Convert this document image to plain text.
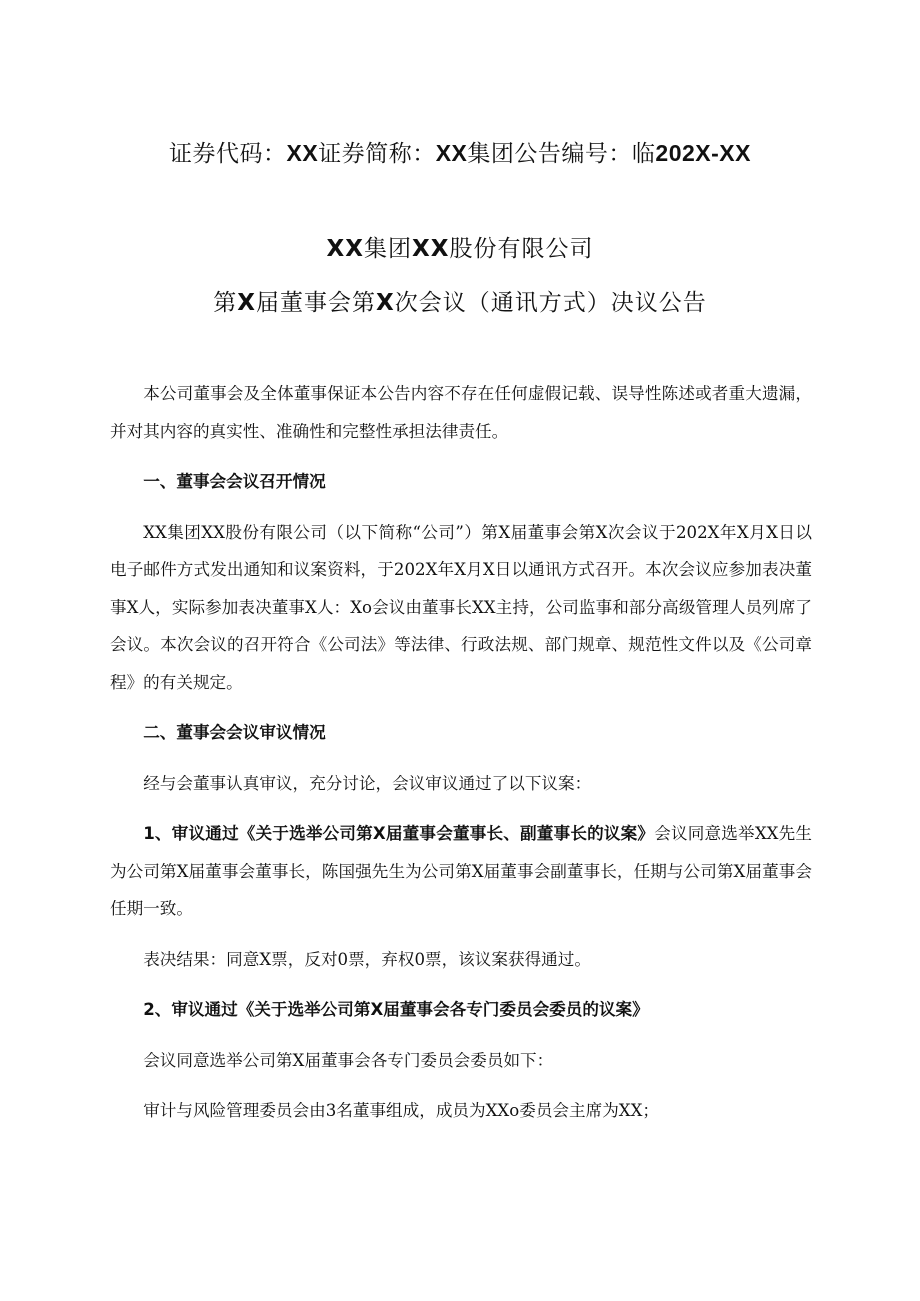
证券代码：XX证券简称：XX集团公告编号：临202X-XX
XX集团XX股份有限公司
第X届董事会第X次会议（通讯方式）决议公告

本公司董事会及全体董事保证本公告内容不存在任何虚假记载、误导性陈述或者重大遗漏，并对其内容的真实性、准确性和完整性承担法律责任。

一、董事会会议召开情况

XX集团XX股份有限公司（以下简称“公司”）第X届董事会第X次会议于202X年X月X日以电子邮件方式发出通知和议案资料，于202X年X月X日以通讯方式召开。本次会议应参加表决董事X人，实际参加表决董事X人：Xo会议由董事长XX主持，公司监事和部分高级管理人员列席了会议。本次会议的召开符合《公司法》等法律、行政法规、部门规章、规范性文件以及《公司章程》的有关规定。

二、董事会会议审议情况

经与会董事认真审议，充分讨论，会议审议通过了以下议案：

1、审议通过《关于选举公司第X届董事会董事长、副董事长的议案》会议同意选举XX先生为公司第X届董事会董事长，陈国强先生为公司第X届董事会副董事长，任期与公司第X届董事会任期一致。

表决结果：同意X票，反对0票，弃权0票，该议案获得通过。

2、审议通过《关于选举公司第X届董事会各专门委员会委员的议案》

会议同意选举公司第X届董事会各专门委员会委员如下：

审计与风险管理委员会由3名董事组成，成员为XXo委员会主席为XX；
